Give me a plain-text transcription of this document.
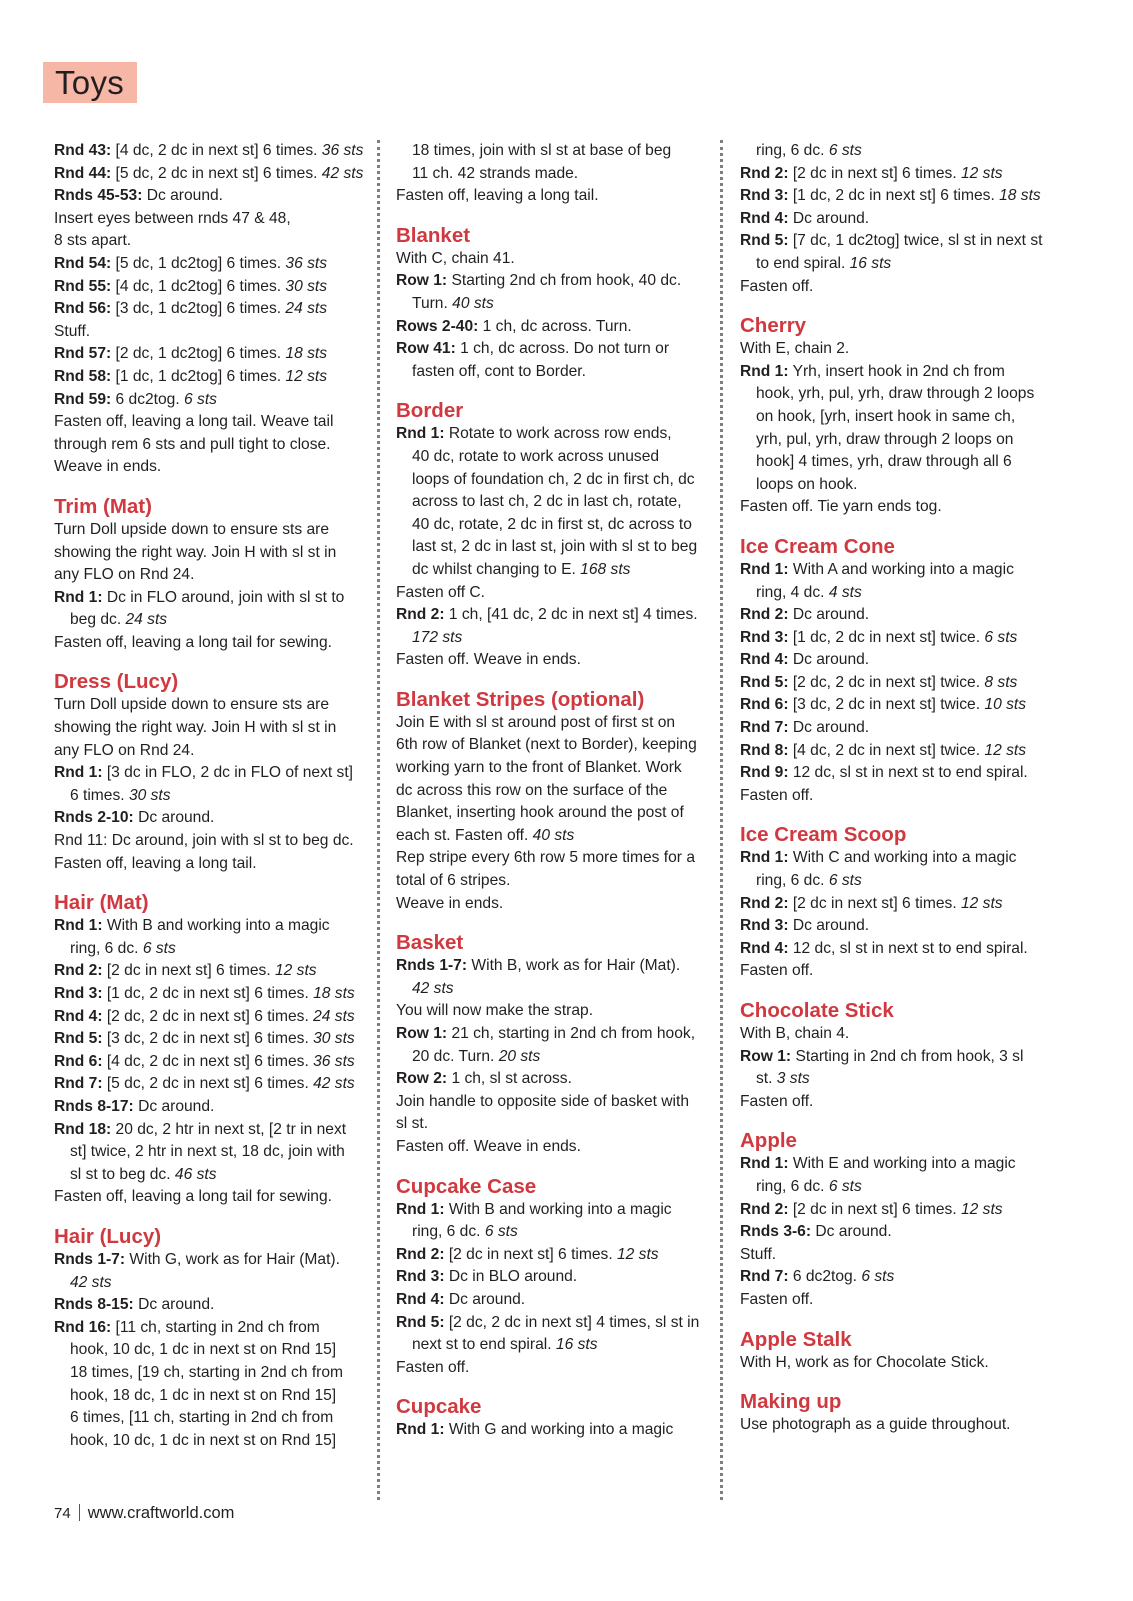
Toys

Rnd 43: [4 dc, 2 dc in next st] 6 times. 36 sts

Rnd 44: [5 dc, 2 dc in next st] 6 times. 42 sts

Rnds 45-53: Dc around.

Insert eyes between rnds 47 & 48,

8 sts apart.

Rnd 54: [5 dc, 1 dc2tog] 6 times. 36 sts

Rnd 55: [4 dc, 1 dc2tog] 6 times. 30 sts

Rnd 56: [3 dc, 1 dc2tog] 6 times. 24 sts

Stuff.

Rnd 57: [2 dc, 1 dc2tog] 6 times. 18 sts

Rnd 58: [1 dc, 1 dc2tog] 6 times. 12 sts

Rnd 59: 6 dc2tog. 6 sts

Fasten off, leaving a long tail. Weave tail

through rem 6 sts and pull tight to close.

Weave in ends.

Trim (Mat)

Turn Doll upside down to ensure sts are

showing the right way. Join H with sl st in

any FLO on Rnd 24.

Rnd 1: Dc in FLO around, join with sl st to

beg dc. 24 sts

Fasten off, leaving a long tail for sewing.

Dress (Lucy)

Turn Doll upside down to ensure sts are

showing the right way. Join H with sl st in

any FLO on Rnd 24.

Rnd 1: [3 dc in FLO, 2 dc in FLO of next st]

6 times. 30 sts

Rnds 2-10: Dc around.

Rnd 11: Dc around, join with sl st to beg dc.

Fasten off, leaving a long tail.

Hair (Mat)

Rnd 1: With B and working into a magic

ring, 6 dc. 6 sts

Rnd 2: [2 dc in next st] 6 times. 12 sts

Rnd 3: [1 dc, 2 dc in next st] 6 times. 18 sts

Rnd 4: [2 dc, 2 dc in next st] 6 times. 24 sts

Rnd 5: [3 dc, 2 dc in next st] 6 times. 30 sts

Rnd 6: [4 dc, 2 dc in next st] 6 times. 36 sts

Rnd 7: [5 dc, 2 dc in next st] 6 times. 42 sts

Rnds 8-17: Dc around.

Rnd 18: 20 dc, 2 htr in next st, [2 tr in next

st] twice, 2 htr in next st, 18 dc, join with

sl st to beg dc. 46 sts

Fasten off, leaving a long tail for sewing.

Hair (Lucy)

Rnds 1-7: With G, work as for Hair (Mat).

42 sts

Rnds 8-15: Dc around.

Rnd 16: [11 ch, starting in 2nd ch from

hook, 10 dc, 1 dc in next st on Rnd 15]

18 times, [19 ch, starting in 2nd ch from

hook, 18 dc, 1 dc in next st on Rnd 15]

6 times, [11 ch, starting in 2nd ch from

hook, 10 dc, 1 dc in next st on Rnd 15]

18 times, join with sl st at base of beg

11 ch. 42 strands made.

Fasten off, leaving a long tail.

Blanket

With C, chain 41.

Row 1: Starting 2nd ch from hook, 40 dc.

Turn. 40 sts

Rows 2-40: 1 ch, dc across. Turn.

Row 41: 1 ch, dc across. Do not turn or

fasten off, cont to Border.

Border

Rnd 1: Rotate to work across row ends,

40 dc, rotate to work across unused

loops of foundation ch, 2 dc in first ch, dc

across to last ch, 2 dc in last ch, rotate,

40 dc, rotate, 2 dc in first st, dc across to

last st, 2 dc in last st, join with sl st to beg

dc whilst changing to E. 168 sts

Fasten off C.

Rnd 2: 1 ch, [41 dc, 2 dc in next st] 4 times.

172 sts

Fasten off. Weave in ends.

Blanket Stripes (optional)

Join E with sl st around post of first st on

6th row of Blanket (next to Border), keeping

working yarn to the front of Blanket. Work

dc across this row on the surface of the

Blanket, inserting hook around the post of

each st. Fasten off. 40 sts

Rep stripe every 6th row 5 more times for a

total of 6 stripes.

Weave in ends.

Basket

Rnds 1-7: With B, work as for Hair (Mat).

42 sts

You will now make the strap.

Row 1: 21 ch, starting in 2nd ch from hook,

20 dc. Turn. 20 sts

Row 2: 1 ch, sl st across.

Join handle to opposite side of basket with

sl st.

Fasten off. Weave in ends.

Cupcake Case

Rnd 1: With B and working into a magic

ring, 6 dc. 6 sts

Rnd 2: [2 dc in next st] 6 times. 12 sts

Rnd 3: Dc in BLO around.

Rnd 4: Dc around.

Rnd 5: [2 dc, 2 dc in next st] 4 times, sl st in

next st to end spiral. 16 sts

Fasten off.

Cupcake

Rnd 1: With G and working into a magic

ring, 6 dc. 6 sts

Rnd 2: [2 dc in next st] 6 times. 12 sts

Rnd 3: [1 dc, 2 dc in next st] 6 times. 18 sts

Rnd 4: Dc around.

Rnd 5: [7 dc, 1 dc2tog] twice, sl st in next st

to end spiral. 16 sts

Fasten off.

Cherry

With E, chain 2.

Rnd 1: Yrh, insert hook in 2nd ch from

hook, yrh, pul, yrh, draw through 2 loops

on hook, [yrh, insert hook in same ch,

yrh, pul, yrh, draw through 2 loops on

hook] 4 times, yrh, draw through all 6

loops on hook.

Fasten off. Tie yarn ends tog.

Ice Cream Cone

Rnd 1: With A and working into a magic

ring, 4 dc. 4 sts

Rnd 2: Dc around.

Rnd 3: [1 dc, 2 dc in next st] twice. 6 sts

Rnd 4: Dc around.

Rnd 5: [2 dc, 2 dc in next st] twice. 8 sts

Rnd 6: [3 dc, 2 dc in next st] twice. 10 sts

Rnd 7: Dc around.

Rnd 8: [4 dc, 2 dc in next st] twice. 12 sts

Rnd 9: 12 dc, sl st in next st to end spiral.

Fasten off.

Ice Cream Scoop

Rnd 1: With C and working into a magic

ring, 6 dc. 6 sts

Rnd 2: [2 dc in next st] 6 times. 12 sts

Rnd 3: Dc around.

Rnd 4: 12 dc, sl st in next st to end spiral.

Fasten off.

Chocolate Stick

With B, chain 4.

Row 1: Starting in 2nd ch from hook, 3 sl

st. 3 sts

Fasten off.

Apple

Rnd 1: With E and working into a magic

ring, 6 dc. 6 sts

Rnd 2: [2 dc in next st] 6 times. 12 sts

Rnds 3-6: Dc around.

Stuff.

Rnd 7: 6 dc2tog. 6 sts

Fasten off.

Apple Stalk

With H, work as for Chocolate Stick.

Making up

Use photograph as a guide throughout.

74 www.craftworld.com
